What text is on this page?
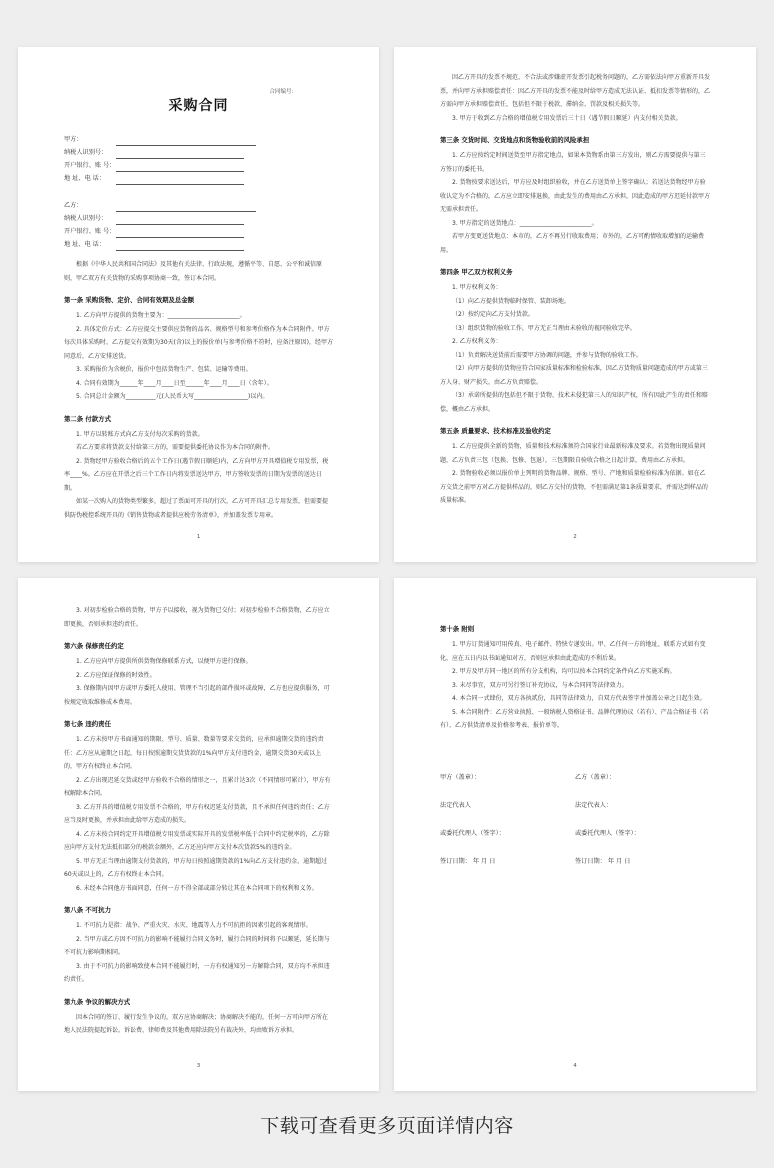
合同编号：
采购合同
甲方：
纳税人识别号：
开户银行、账 号：
地 址、电 话：
乙方：
纳税人识别号：
开户银行、账 号：
地 址、电 话：

根据《中华人民共和国合同法》及其他有关法律、行政法规，遵循平等、自愿、公平和诚信原则，甲乙双方有关货物的采购事项协商一致，签订本合同。

第一条 采购货物、定价、合同有效期及总金额

1. 乙方向甲方提供的货物主要为：________________________。

2. 具体定价方式：乙方应提交主要供应货物的品名、规格型号和参考价格作为本合同附件。甲方每次具体采购时，乙方提交有效期为30天(含)以上的报价单(与参考价格不符时，应备注原因)，经甲方同意后，乙方安排送货。

3. 采购报价为含税价，报价中包括货物生产、包装、运输等费用。

4. 合同有效期为______年____月____日至______年____月____日（含年）。

5. 合同总计金额为__________元(人民币大写__________________)以内。

第二条 付款方式

1. 甲方以转账方式向乙方支付每次采购的货款。

若乙方要求将货款支付给第三方的，需要提供委托协议作为本合同的附件。

2. 货物经甲方验收合格后的五个工作日(遇节假日顺延)内，乙方向甲方开具增值税专用发票，税率____%。乙方应在开票之后三个工作日内将发票送达甲方，甲方签收发票的日期为发票的送达日期。

如某一次购入的货物类型繁多，超过了票面可开具的行次，乙方可开具汇总专用发票，但需要提供防伪税控系统开具的《销售货物或者提供应税劳务清单》，并加盖发票专用章。

1

因乙方开具的发票不规范、不合法或涉嫌虚开发票引起税务问题的，乙方需依法向甲方重新开具发票，并向甲方承担赔偿责任：因乙方开具的发票不能及时给甲方造成无法认证、抵扣发票等情形的，乙方需向甲方承担赔偿责任，包括但不限于税款、滞纳金、罚款及相关损失等。

3. 甲方于收到乙方合格的增值税专用发票后三十日（遇节假日顺延）内支付相关货款。

第三条 交货时间、交货地点和货物验收前的风险承担

1. 乙方应按约定时间送货至甲方指定地点，如果本货物系由第三方发出，则乙方需要提供与第三方签订的委托书。

2. 货物按要求送达后，甲方应及时组织验收，并在乙方送货单上签字确认；若送达货物经甲方验收认定为不合格的，乙方应立即安排退换，由此发生的费用由乙方承担，因此造成的甲方迟延付款甲方无需承担责任。

3. 甲方指定的送货地点：________________________。

若甲方变更送货地点：本市的，乙方不再另行收取费用；市外的，乙方可酌情收取增加的运输费用。

第四条 甲乙双方权利义务

1. 甲方权利义务：

（1）向乙方提供货物临时保管、装卸场地。

（2）按约定向乙方支付货款。

（3）组织货物的验收工作，甲方无正当理由未验收的视同验收完毕。

2. 乙方权利义务：

（1）负责解决送货前后需要甲方协调的问题，并参与货物的验收工作。

（2）向甲方提供的货物应符合国家质量标准和检验标准，因乙方货物质量问题造成的甲方或第三方人身、财产损失，由乙方负责赔偿。

（3）承诺所提供的包括但不限于货物、技术未侵犯第三人的知识产权，所有因此产生的责任和赔偿，概由乙方承担。

第五条 质量要求、技术标准及验收约定

1. 乙方应提供全新的货物，质量和技术标准须符合国家行业最新标准及要求。若货物出现质量问题，乙方负责三包（包换、包修、包退），三包期限自验收合格之日起计算，费用由乙方承担。

2. 货物验收必须以报价单上列明的货物品牌、规格、型号、产地和质量检验标准为依据。如在乙方交货之前甲方对乙方提供样品的，则乙方交付的货物，不但需满足第1条质量要求，并需达到样品的质量标准。

2

3. 对初步检验合格的货物，甲方予以接收，视为货物已交付；对初步检验不合格货物，乙方应立即更换，否则承担违约责任。

第六条 保修责任约定

1. 乙方应向甲方提供所供货物保修联系方式，以便甲方进行保修。

2. 乙方应保证保修的时效性。

3. 保修期内因甲方或甲方委托人使用、管理不当引起的部件损坏或故障，乙方也应提供服务，可按规定收取维修成本费用。

第七条 违约责任

1. 乙方未按甲方书面通知的期限、型号、质量、数量等要求交货的，应承担逾期交货的违约责任：乙方应从逾期之日起，每日按照逾期交货货款的1%向甲方支付违约金，逾期交货30天或以上的，甲方有权终止本合同。

2. 乙方出现迟延交货或经甲方验收不合格的情形之一，且累计达3次（不同情形可累计），甲方有权解除本合同。

3. 乙方开具的增值税专用发票不合格的，甲方有权迟延支付货款，且不承担任何违约责任；乙方应当及时更换，并承担由此给甲方造成的损失。

4. 乙方未按合同约定开具增值税专用发票或实际开具的发票税率低于合同中约定税率的，乙方除应向甲方支付无法抵扣部分的税款金额外，乙方还应向甲方支付本次货款5%的违约金。

5. 甲方无正当理由逾期支付货款的，甲方每日按照逾期货款的1%向乙方支付违约金，逾期超过60天或以上的，乙方有权终止本合同。

6. 未经本合同他方书面同意，任何一方不得全部或部分转让其在本合同项下的权利和义务。

第八条 不可抗力

1. 不可抗力是指：战争、严重火灾、水灾、地震等人力不可抗拒的因素引起的客观情形。

2. 当甲方或乙方因不可抗力的影响不能履行合同义务时，履行合同的时间将予以顺延，延长期与不可抗力影响期相同。

3. 由于不可抗力的影响致使本合同不能履行时，一方有权通知另一方解除合同，双方均不承担违约责任。

第九条 争议的解决方式

因本合同的签订、履行发生争议的，双方应协商解决；协商解决不能的，任何一方可向甲方所在地人民法院提起诉讼。诉讼费、律师费及其他费用除法院另有裁决外，均由败诉方承担。

3
第十条 附则

1. 甲方订货通知可用传真、电子邮件、特快专递发出。甲、乙任何一方的地址、联系方式如有变化，应在五日内以书面通知对方，否则应承担由此造成的不利后果。

2. 甲方及甲方同一地区的所有分支机构，均可以按本合同约定条件向乙方实施采购。

3. 未尽事宜，双方可另行签订补充协议，与本合同同等法律效力。

4. 本合同一式肆份，双方各执贰份，具同等法律效力，自双方代表签字并加盖公章之日起生效。

5. 本合同附件：乙方营业执照、一般纳税人资格证书、品牌代理协议（若有）、产品合格证书（若有）、乙方供货清单及价格参考表、报价单等。

甲方（盖章）：	乙方（盖章）：
法定代表人	法定代表人：
或委托代理人（签字）：	或委托代理人（签字）：
签订日期： 年 月 日	签订日期： 年 月 日
4
下载可查看更多页面详情内容
